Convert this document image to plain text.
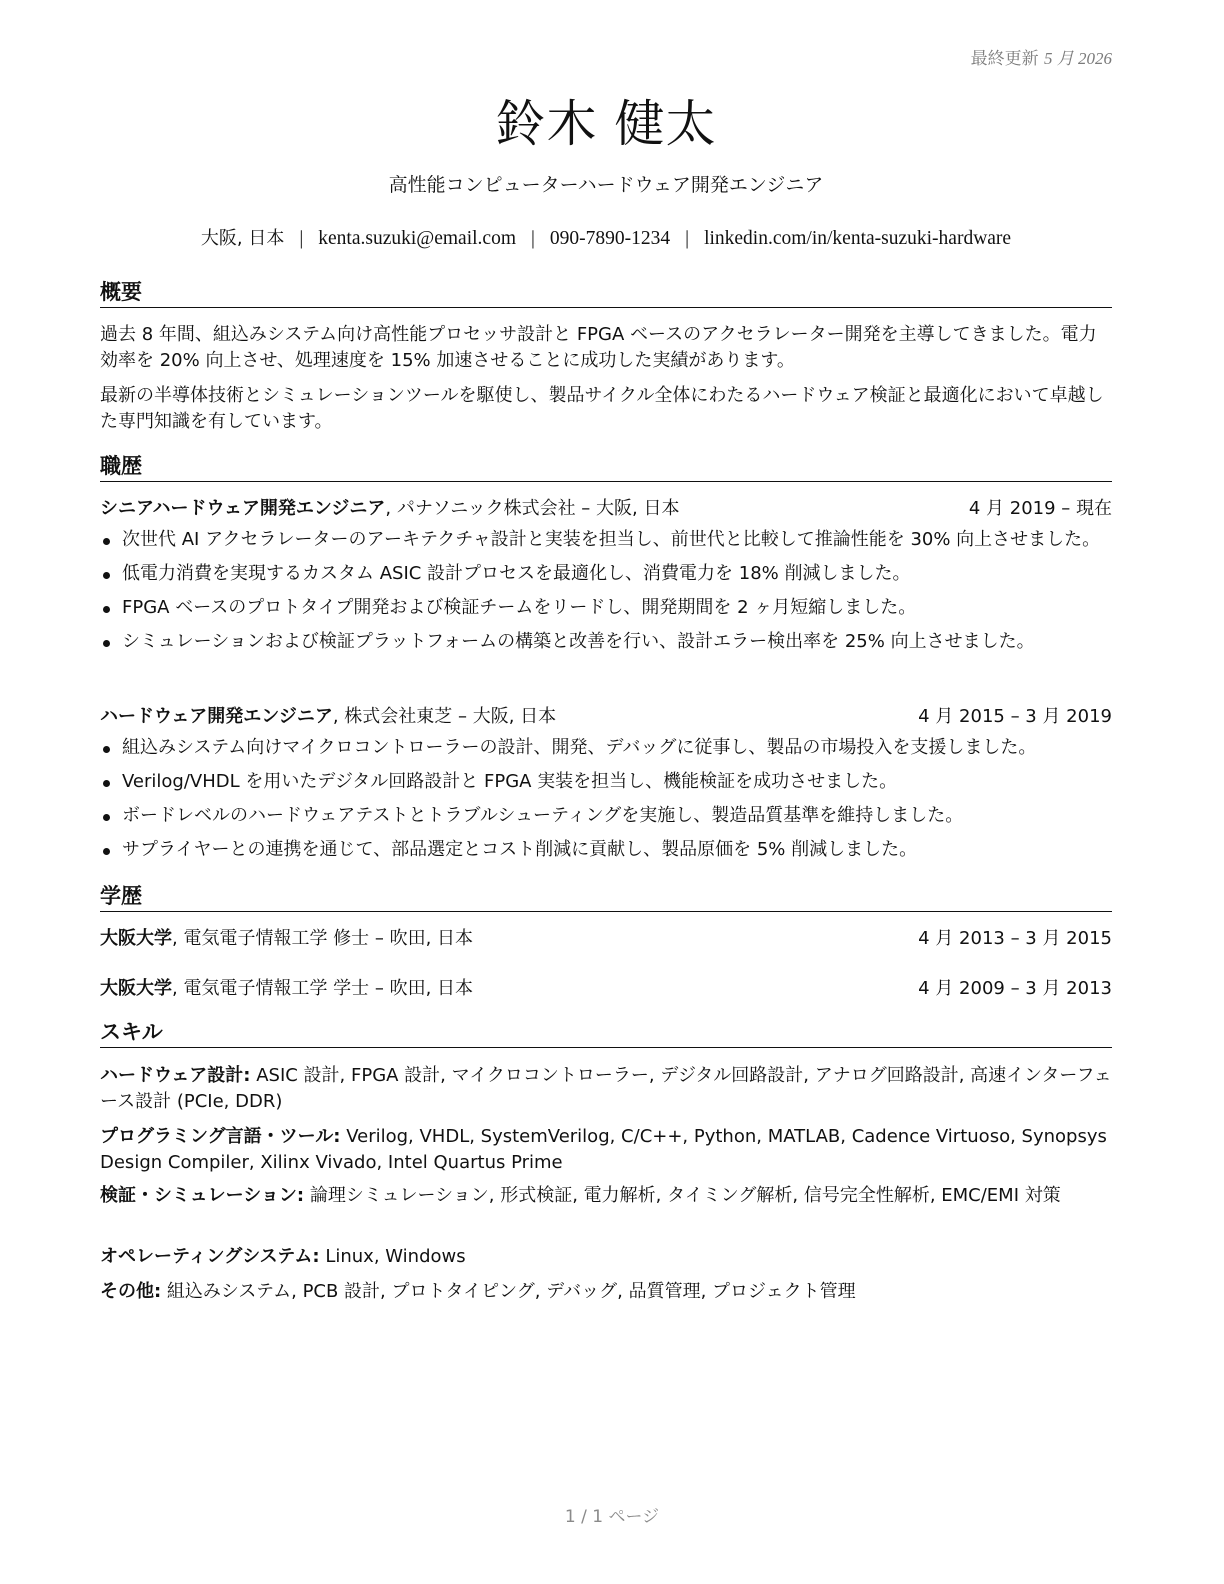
最終更新 5 月 2026
鈴木 健太
高性能コンピューターハードウェア開発エンジニア
大阪, 日本 | kenta.suzuki@email.com | 090-7890-1234 | linkedin.com/in/kenta-suzuki-hardware
概要
過去 8 年間、組込みシステム向け高性能プロセッサ設計と FPGA ベースのアクセラレーター開発を主導してきました。電力効率を 20% 向上させ、処理速度を 15% 加速させることに成功した実績があります。
最新の半導体技術とシミュレーションツールを駆使し、製品サイクル全体にわたるハードウェア検証と最適化において卓越した専門知識を有しています。
職歴
シニアハードウェア開発エンジニア, パナソニック株式会社 – 大阪, 日本	4 月 2019 – 現在
次世代 AI アクセラレーターのアーキテクチャ設計と実装を担当し、前世代と比較して推論性能を 30% 向上させました。
低電力消費を実現するカスタム ASIC 設計プロセスを最適化し、消費電力を 18% 削減しました。
FPGA ベースのプロトタイプ開発および検証チームをリードし、開発期間を 2 ヶ月短縮しました。
シミュレーションおよび検証プラットフォームの構築と改善を行い、設計エラー検出率を 25% 向上させました。
ハードウェア開発エンジニア, 株式会社東芝 – 大阪, 日本	4 月 2015 – 3 月 2019
組込みシステム向けマイクロコントローラーの設計、開発、デバッグに従事し、製品の市場投入を支援しました。
Verilog/VHDL を用いたデジタル回路設計と FPGA 実装を担当し、機能検証を成功させました。
ボードレベルのハードウェアテストとトラブルシューティングを実施し、製造品質基準を維持しました。
サプライヤーとの連携を通じて、部品選定とコスト削減に貢献し、製品原価を 5% 削減しました。
学歴
大阪大学, 電気電子情報工学 修士 – 吹田, 日本	4 月 2013 – 3 月 2015
大阪大学, 電気電子情報工学 学士 – 吹田, 日本	4 月 2009 – 3 月 2013
スキル
ハードウェア設計: ASIC 設計, FPGA 設計, マイクロコントローラー, デジタル回路設計, アナログ回路設計, 高速インターフェース設計 (PCIe, DDR)
プログラミング言語・ツール: Verilog, VHDL, SystemVerilog, C/C++, Python, MATLAB, Cadence Virtuoso, Synopsys Design Compiler, Xilinx Vivado, Intel Quartus Prime
検証・シミュレーション: 論理シミュレーション, 形式検証, 電力解析, タイミング解析, 信号完全性解析, EMC/EMI 対策
オペレーティングシステム: Linux, Windows
その他: 組込みシステム, PCB 設計, プロトタイピング, デバッグ, 品質管理, プロジェクト管理
1 / 1 ページ
